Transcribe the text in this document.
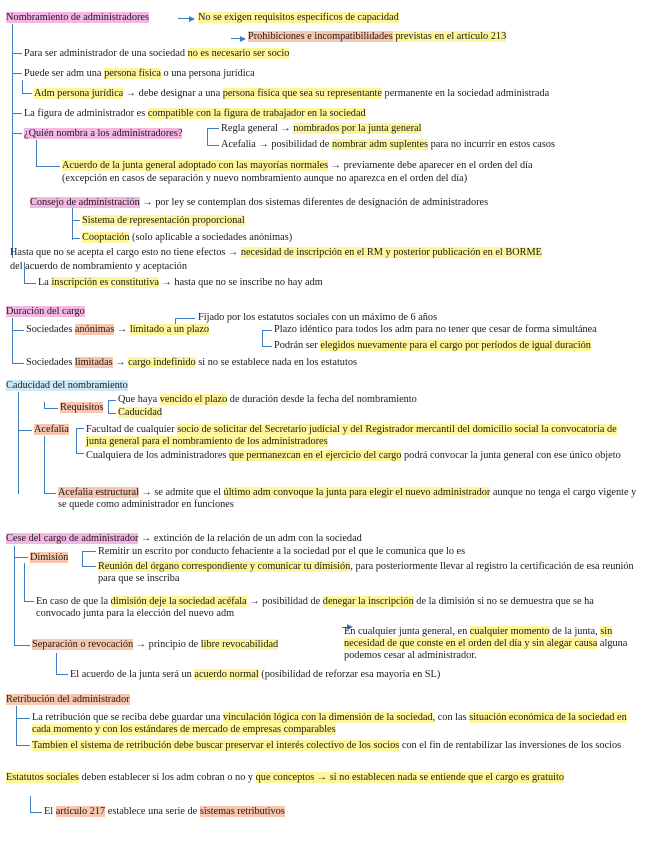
Nombramiento de administradores	No se exigen requisitos específicos de capacidad
Prohibiciones e incompatibilidades previstas en el artículo 213
Para ser administrador de una sociedad no es necesario ser socio
Puede ser adm una persona física o una persona jurídica
Adm persona jurídica → debe designar a una persona física que sea su representante permanente en la sociedad administrada
La figura de administrador es compatible con la figura de trabajador en la sociedad
¿Quién nombra a los administradores?	Regla general → nombrados por la junta general
Acefalia → posibilidad de nombrar adm suplentes para no incurrir en estos casos
Acuerdo de la junta general adoptado con las mayorías normales → previamente debe aparecer en el orden del día
(excepción en casos de separación y nuevo nombramiento aunque no aparezca en el orden del día)
Consejo de administración → por ley se contemplan dos sistemas diferentes de designación de administradores
Sistema de representación proporcional
Cooptación (solo aplicable a sociedades anónimas)
Hasta que no se acepta el cargo esto no tiene efectos → necesidad de inscripción en el RM y posterior publicación en el BORME
del acuerdo de nombramiento y aceptación
La inscripción es constitutiva → hasta que no se inscribe no hay adm
Duración del cargo
Fijado por los estatutos sociales con un máximo de 6 años
Sociedades anónimas → limitado a un plazo	Plazo idéntico para todos los adm para no tener que cesar de forma simultánea
Podrán ser elegidos nuevamente para el cargo por períodos de igual duración
Sociedades limitadas → cargo indefinido si no se establece nada en los estatutos
Caducidad del nombramiento
Requisitos
Que haya vencido el plazo de duración desde la fecha del nombramiento
Caducidad
Acefalia Facultad de cualquier socio de solicitar del Secretario judicial y del Registrador mercantil del domicilio social la convocatoria de junta general para el nombramiento de los administradores
Cualquiera de los administradores que permanezcan en el ejercicio del cargo podrá convocar la junta general con ese único objeto
Acefalia estructural → se admite que el último adm convoque la junta para elegir el nuevo administrador aunque no tenga el cargo vigente y se quede como administrador en funciones
Cese del cargo de administrador → extinción de la relación de un adm con la sociedad
Dimisión
Remitir un escrito por conducto fehaciente a la sociedad por el que le comunica que lo es
Reunión del órgano correspondiente y comunicar tu dimisión, para posteriormente llevar al registro la certificación de esa reunión para que se inscriba
En caso de que la dimisión deje la sociedad acéfala → posibilidad de denegar la inscripción de la dimisión si no se demuestra que se ha convocado junta para la elección del nuevo adm
Separación o revocación → principio de libre revocabilidad
En cualquier junta general, en cualquier momento de la junta, sin necesidad de que conste en el orden del día y sin alegar causa alguna podemos cesar al administrador.
El acuerdo de la junta será un acuerdo normal (posibilidad de reforzar esa mayoría en SL)
Retribución del administrador
La retribución que se reciba debe guardar una vinculación lógica con la dimensión de la sociedad, con las situación económica de la sociedad en cada momento y con los estándares de mercado de empresas comparables
Tambien el sistema de retribución debe buscar preservar el interés colectivo de los socios con el fin de rentabilizar las inversiones de los socios
Estatutos sociales deben establecer si los adm cobran o no y que conceptos → si no establecen nada se entiende que el cargo es gratuito
El artículo 217 establece una serie de sistemas retributivos
